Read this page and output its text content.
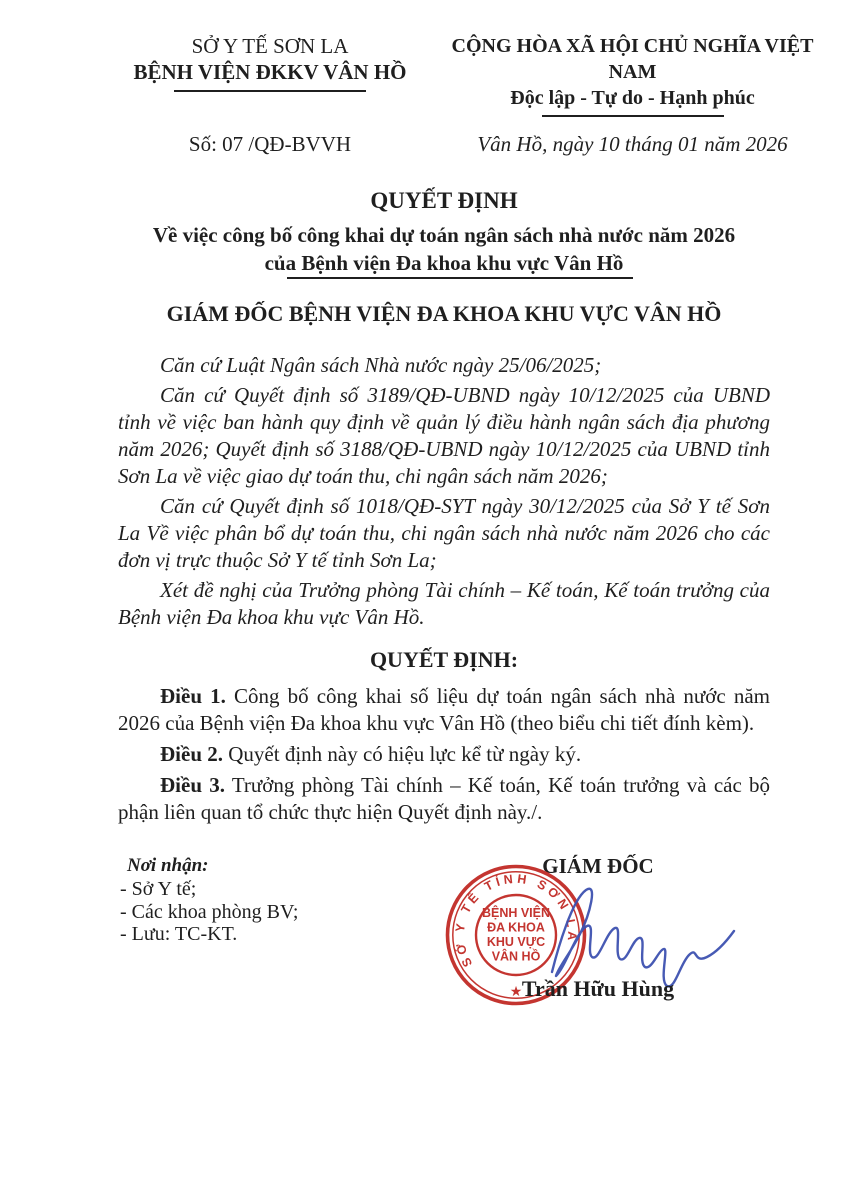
SỞ Y TẾ SƠN LA
BỆNH VIỆN ĐKKV VÂN HỒ
CỘNG HÒA XÃ HỘI CHỦ NGHĨA VIỆT NAM
Độc lập - Tự do - Hạnh phúc
Số: 07 /QĐ-BVVH	Vân Hồ, ngày 10 tháng 01 năm 2026
QUYẾT ĐỊNH
Về việc công bố công khai dự toán ngân sách nhà nước năm 2026
của Bệnh viện Đa khoa khu vực Vân Hồ
GIÁM ĐỐC BỆNH VIỆN ĐA KHOA KHU VỰC VÂN HỒ

Căn cứ Luật Ngân sách Nhà nước ngày 25/06/2025;

Căn cứ Quyết định số 3189/QĐ-UBND ngày 10/12/2025 của UBND tỉnh về việc ban hành quy định về quản lý điều hành ngân sách địa phương năm 2026; Quyết định số 3188/QĐ-UBND ngày 10/12/2025 của UBND tỉnh Sơn La về việc giao dự toán thu, chi ngân sách năm 2026;

Căn cứ Quyết định số 1018/QĐ-SYT ngày 30/12/2025 của Sở Y tế Sơn La Về việc phân bổ dự toán thu, chi ngân sách nhà nước năm 2026 cho các đơn vị trực thuộc Sở Y tế tỉnh Sơn La;

Xét đề nghị của Trưởng phòng Tài chính – Kế toán, Kế toán trưởng của Bệnh viện Đa khoa khu vực Vân Hồ.

QUYẾT ĐỊNH:

Điều 1. Công bố công khai số liệu dự toán ngân sách nhà nước năm 2026 của Bệnh viện Đa khoa khu vực Vân Hồ (theo biểu chi tiết đính kèm).

Điều 2. Quyết định này có hiệu lực kể từ ngày ký.

Điều 3. Trưởng phòng Tài chính – Kế toán, Kế toán trưởng và các bộ phận liên quan tổ chức thực hiện Quyết định này./.

Nơi nhận:
- Sở Y tế;
- Các khoa phòng BV;
- Lưu: TC-KT.
GIÁM ĐỐC
SỞ Y TẾ TỈNH SƠN LA
★
BỆNH VIỆN
ĐA KHOA
KHU VỰC
VÂN HỒ
Trần Hữu Hùng
